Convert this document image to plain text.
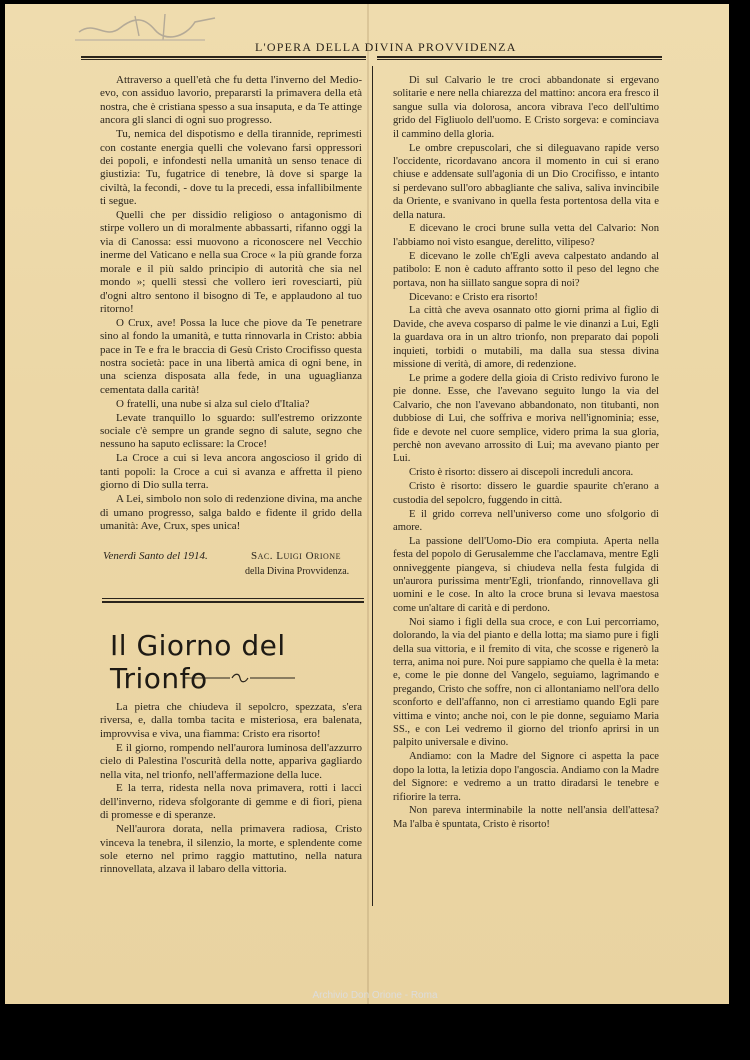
L'OPERA DELLA DIVINA PROVVIDENZA

Attraverso a quell'età che fu detta l'inverno del Medio-evo, con assiduo lavorio, prepararsti la primavera della età nostra, che è cristiana spesso a sua insaputa, e da Te attinge ancora gli slanci di ogni suo progresso.

Tu, nemica del dispotismo e della tirannide, reprimesti con costante energia quelli che volevano farsi oppressori dei popoli, e infondesti nella umanità un senso tenace di giustizia: Tu, fugatrice di tenebre, là dove si sparge la civiltà, la fecondi, - dove tu la precedi, essa infallibilmente ti segue.

Quelli che per dissidio religioso o antagonismo di stirpe vollero un dì moralmente abbassarti, rifanno oggi la via di Canossa: essi muovono a riconoscere nel Vecchio inerme del Vaticano e nella sua Croce « la più grande forza morale e il più saldo principio di autorità che sia nel mondo »; quelli stessi che vollero ieri rovesciarti, più d'ogni altro sentono il bisogno di Te, e applaudono al tuo ritorno!

O Crux, ave! Possa la luce che piove da Te penetrare sino al fondo la umanità, e tutta rinnovarla in Cristo: abbia pace in Te e fra le braccia di Gesù Cristo Crocifisso questa nostra società: pace in una libertà amica di ogni bene, in una scienza disposata alla fede, in una uguaglianza cementata dalla carità!

O fratelli, una nube si alza sul cielo d'Italia?

Levate tranquillo lo sguardo: sull'estremo orizzonte sociale c'è sempre un grande segno di salute, segno che nessuno ha saputo eclissare: la Croce!

La Croce a cui si leva ancora angoscioso il grido di tanti popoli: la Croce a cui si avanza e affretta il pieno giorno di Dio sulla terra.

A Lei, simbolo non solo di redenzione divina, ma anche di umano progresso, salga baldo e fidente il grido della umanità: Ave, Crux, spes unica!

Venerdì Santo del 1914.	Sac. Luigi Orione
della Divina Provvidenza.
Il Giorno del Trionfo

La pietra che chiudeva il sepolcro, spezzata, s'era riversa, e, dalla tomba tacita e misteriosa, era balenata, improvvisa e viva, una fiamma: Cristo era risorto!

E il giorno, rompendo nell'aurora luminosa dell'azzurro cielo di Palestina l'oscurità della notte, appariva gagliardo nella vita, nel trionfo, nell'affermazione della luce.

E la terra, ridesta nella nova primavera, rotti i lacci dell'inverno, rideva sfolgorante di gemme e di fiori, piena di promesse e di speranze.

Nell'aurora dorata, nella primavera radiosa, Cristo vinceva la tenebra, il silenzio, la morte, e splendente come sole eterno nel primo raggio mattutino, nella natura rinnovellata, alzava il labaro della vittoria.

Di sul Calvario le tre croci abbandonate si ergevano solitarie e nere nella chiarezza del mattino: ancora era fresco il sangue sulla via dolorosa, ancora vibrava l'eco dell'ultimo grido del Figliuolo dell'uomo. E Cristo sorgeva: e cominciava il cammino della gloria.

Le ombre crepuscolari, che si dileguavano rapide verso l'occidente, ricordavano ancora il momento in cui si erano chiuse e addensate sull'agonia di un Dio Crocifisso, e intanto si perdevano sull'oro abbagliante che saliva, saliva invincibile da Oriente, e svanivano in quella festa portentosa della vita e della natura.

E dicevano le croci brune sulla vetta del Calvario: Non l'abbiamo noi visto esangue, derelitto, vilipeso?

E dicevano le zolle ch'Egli aveva calpestato andando al patibolo: E non è caduto affranto sotto il peso del legno che portava, non ha siillato sangue sopra di noi?

Dicevano: e Cristo era risorto!

La città che aveva osannato otto giorni prima al figlio di Davide, che aveva cosparso di palme le vie dinanzi a Lui, Egli la guardava ora in un altro trionfo, non preparato dai popoli inquieti, torbidi o mutabili, ma dalla sua stessa divina missione di verità, di amore, di redenzione.

Le prime a godere della gioia di Cristo redivivo furono le pie donne. Esse, che l'avevano seguito lungo la via del Calvario, che non l'avevano abbandonato, non titubanti, non dubbiose di Lui, che soffriva e moriva nell'ignominia; esse, fide e devote nel cuore semplice, videro prima la sua gloria, perchè non avevano arrossito di Lui; ma avevano pianto per Lui.

Cristo è risorto: dissero ai discepoli increduli ancora.

Cristo è risorto: dissero le guardie spaurite ch'erano a custodia del sepolcro, fuggendo in città.

E il grido correva nell'universo come uno sfolgorio di amore.

La passione dell'Uomo-Dio era compiuta. Aperta nella festa del popolo di Gerusalemme che l'acclamava, mentre Egli onniveggente piangeva, si chiudeva nella festa fulgida di un'aurora purissima mentr'Egli, trionfando, rinnovellava gli uomini e le cose. In alto la croce bruna si levava maestosa come un'altare di carità e di perdono.

Noi siamo i figli della sua croce, e con Lui percorriamo, dolorando, la via del pianto e della lotta; ma siamo pure i figli della sua vittoria, e il fremito di vita, che scosse e rigenerò la terra, anima noi pure. Noi pure sappiamo che quella è la meta: e, come le pie donne del Vangelo, seguiamo, lagrimando e pregando, Cristo che soffre, non ci allontaniamo nell'ora dello sconforto e dell'affanno, non ci arrestiamo quando Egli pare vittima e vinto; anche noi, con le pie donne, seguiamo Maria SS., e con Lei vedremo il giorno del trionfo aprirsi in un palpito universale e divino.

Andiamo: con la Madre del Signore ci aspetta la pace dopo la lotta, la letizia dopo l'angoscia. Andiamo con la Madre del Signore: e vedremo a un tratto diradarsi le tenebre e rifiorire la terra.

Non pareva interminabile la notte nell'ansia dell'attesa? Ma l'alba è spuntata, Cristo è risorto!

Archivio Don Orione - Roma
